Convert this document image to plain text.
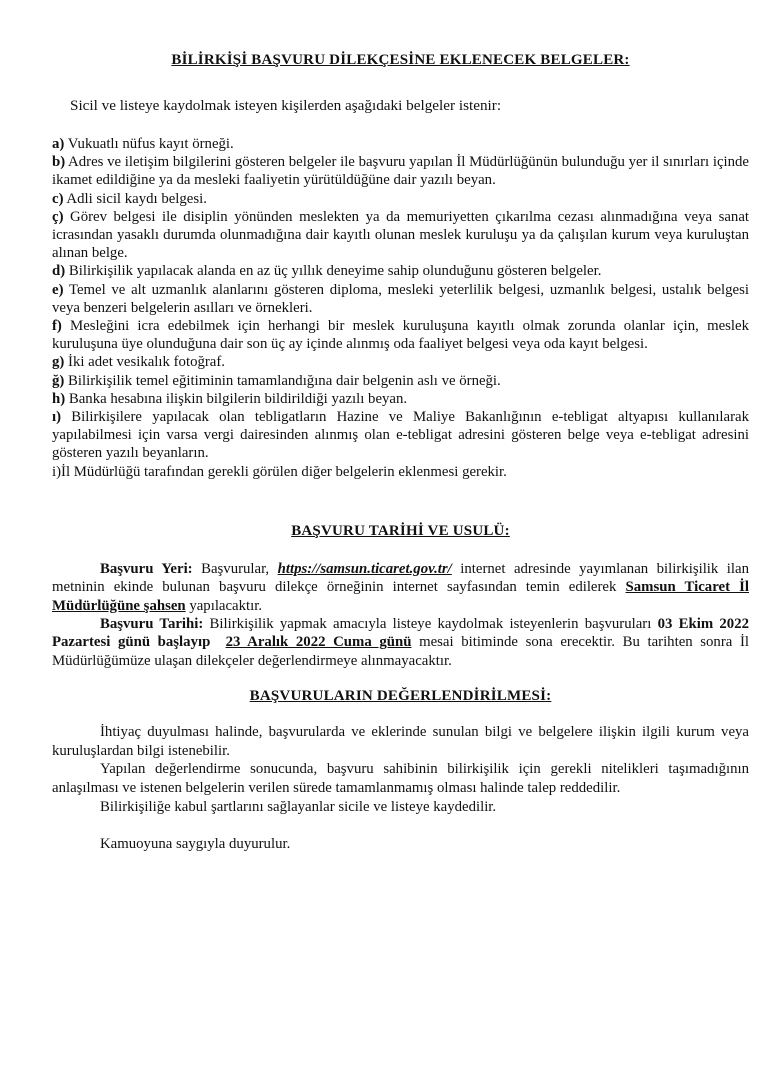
BİLİRKİŞİ BAŞVURU DİLEKÇESİNE EKLENECEK BELGELER:
Sicil ve listeye kaydolmak isteyen kişilerden aşağıdaki belgeler istenir:

a) Vukuatlı nüfus kayıt örneği.

b) Adres ve iletişim bilgilerini gösteren belgeler ile başvuru yapılan İl Müdürlüğünün bulunduğu yer il sınırları içinde ikamet edildiğine ya da mesleki faaliyetin yürütüldüğüne dair yazılı beyan.

c) Adli sicil kaydı belgesi.

ç) Görev belgesi ile disiplin yönünden meslekten ya da memuriyetten çıkarılma cezası alınmadığına veya sanat icrasından yasaklı durumda olunmadığına dair kayıtlı olunan meslek kuruluşu ya da çalışılan kurum veya kuruluştan alınan belge.

d) Bilirkişilik yapılacak alanda en az üç yıllık deneyime sahip olunduğunu gösteren belgeler.

e) Temel ve alt uzmanlık alanlarını gösteren diploma, mesleki yeterlilik belgesi, uzmanlık belgesi, ustalık belgesi veya benzeri belgelerin asılları ve örnekleri.

f) Mesleğini icra edebilmek için herhangi bir meslek kuruluşuna kayıtlı olmak zorunda olanlar için, meslek kuruluşuna üye olunduğuna dair son üç ay içinde alınmış oda faaliyet belgesi veya oda kayıt belgesi.

g) İki adet vesikalık fotoğraf.

ğ) Bilirkişilik temel eğitiminin tamamlandığına dair belgenin aslı ve örneği.

h) Banka hesabına ilişkin bilgilerin bildirildiği yazılı beyan.

ı) Bilirkişilere yapılacak olan tebligatların Hazine ve Maliye Bakanlığının e-tebligat altyapısı kullanılarak yapılabilmesi için varsa vergi dairesinden alınmış olan e-tebligat adresini gösteren belge veya e-tebligat adresini gösteren yazılı beyanların.

i)İl Müdürlüğü tarafından gerekli görülen diğer belgelerin eklenmesi gerekir.

BAŞVURU TARİHİ VE USULÜ:

Başvuru Yeri: Başvurular, https://samsun.ticaret.gov.tr/ internet adresinde yayımlanan bilirkişilik ilan metninin ekinde bulunan başvuru dilekçe örneğinin internet sayfasından temin edilerek Samsun Ticaret İl Müdürlüğüne şahsen yapılacaktır.

Başvuru Tarihi: Bilirkişilik yapmak amacıyla listeye kaydolmak isteyenlerin başvuruları 03 Ekim 2022 Pazartesi günü başlayıp 23 Aralık 2022 Cuma günü mesai bitiminde sona erecektir. Bu tarihten sonra İl Müdürlüğümüze ulaşan dilekçeler değerlendirmeye alınmayacaktır.

BAŞVURULARIN DEĞERLENDİRİLMESİ:

İhtiyaç duyulması halinde, başvurularda ve eklerinde sunulan bilgi ve belgelere ilişkin ilgili kurum veya kuruluşlardan bilgi istenebilir.

Yapılan değerlendirme sonucunda, başvuru sahibinin bilirkişilik için gerekli nitelikleri taşımadığının anlaşılması ve istenen belgelerin verilen sürede tamamlanmamış olması halinde talep reddedilir.

Bilirkişiliğe kabul şartlarını sağlayanlar sicile ve listeye kaydedilir.

Kamuoyuna saygıyla duyurulur.
